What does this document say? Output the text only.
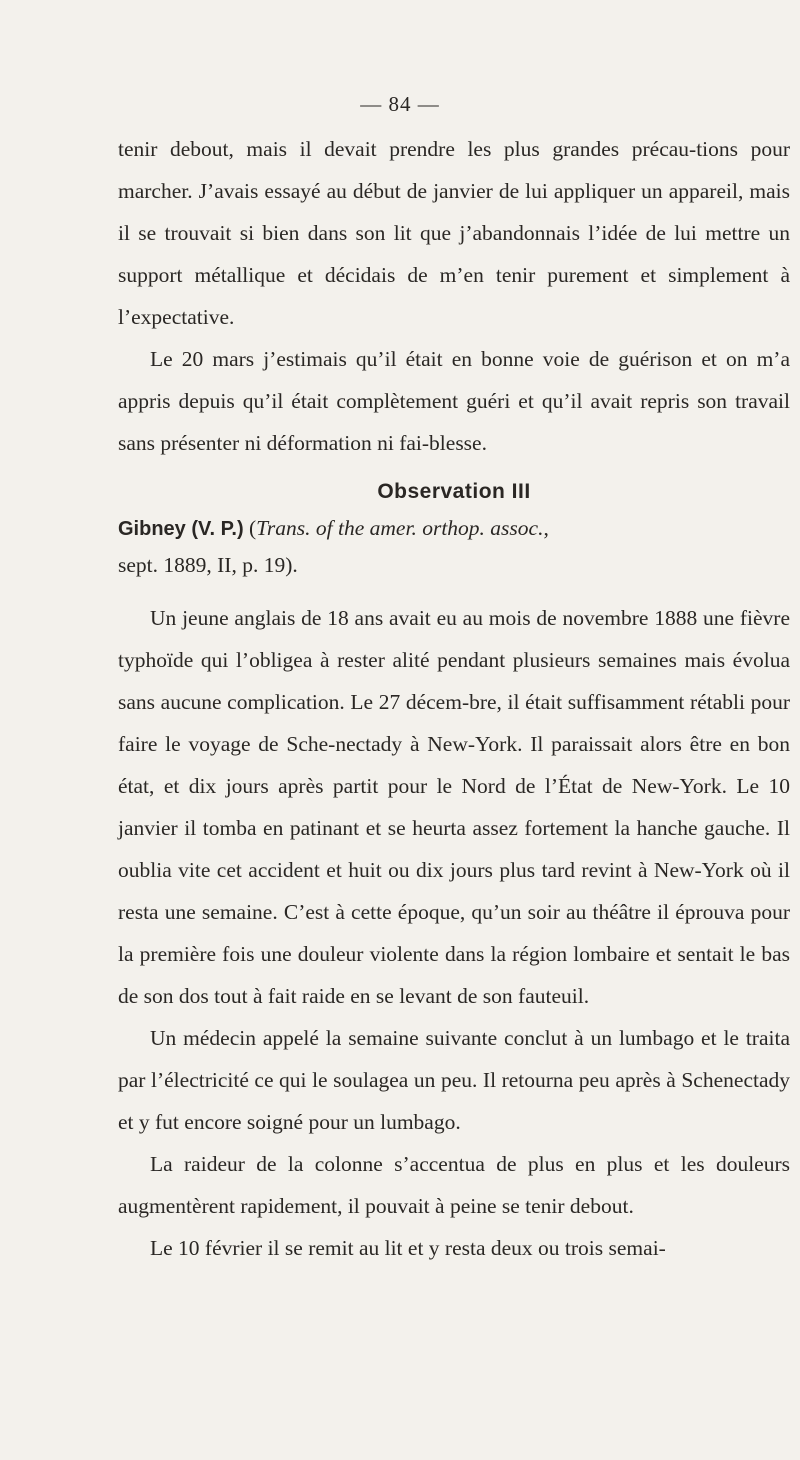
— 84 —

tenir debout, mais il devait prendre les plus grandes précau-tions pour marcher. J’avais essayé au début de janvier de lui appliquer un appareil, mais il se trouvait si bien dans son lit que j’abandonnais l’idée de lui mettre un support métallique et décidais de m’en tenir purement et simplement à l’expectative.

Le 20 mars j’estimais qu’il était en bonne voie de guérison et on m’a appris depuis qu’il était complètement guéri et qu’il avait repris son travail sans présenter ni déformation ni fai-blesse.

Observation III

Gibney (V. P.) (Trans. of the amer. orthop. assoc.,
sept. 1889, II, p. 19).

Un jeune anglais de 18 ans avait eu au mois de novembre 1888 une fièvre typhoïde qui l’obligea à rester alité pendant plusieurs semaines mais évolua sans aucune complication. Le 27 décem-bre, il était suffisamment rétabli pour faire le voyage de Sche-nectady à New-York. Il paraissait alors être en bon état, et dix jours après partit pour le Nord de l’État de New-York. Le 10 janvier il tomba en patinant et se heurta assez fortement la hanche gauche. Il oublia vite cet accident et huit ou dix jours plus tard revint à New-York où il resta une semaine. C’est à cette époque, qu’un soir au théâtre il éprouva pour la première fois une douleur violente dans la région lombaire et sentait le bas de son dos tout à fait raide en se levant de son fauteuil.

Un médecin appelé la semaine suivante conclut à un lumbago et le traita par l’électricité ce qui le soulagea un peu. Il retourna peu après à Schenectady et y fut encore soigné pour un lumbago.

La raideur de la colonne s’accentua de plus en plus et les douleurs augmentèrent rapidement, il pouvait à peine se tenir debout.

Le 10 février il se remit au lit et y resta deux ou trois semai-
